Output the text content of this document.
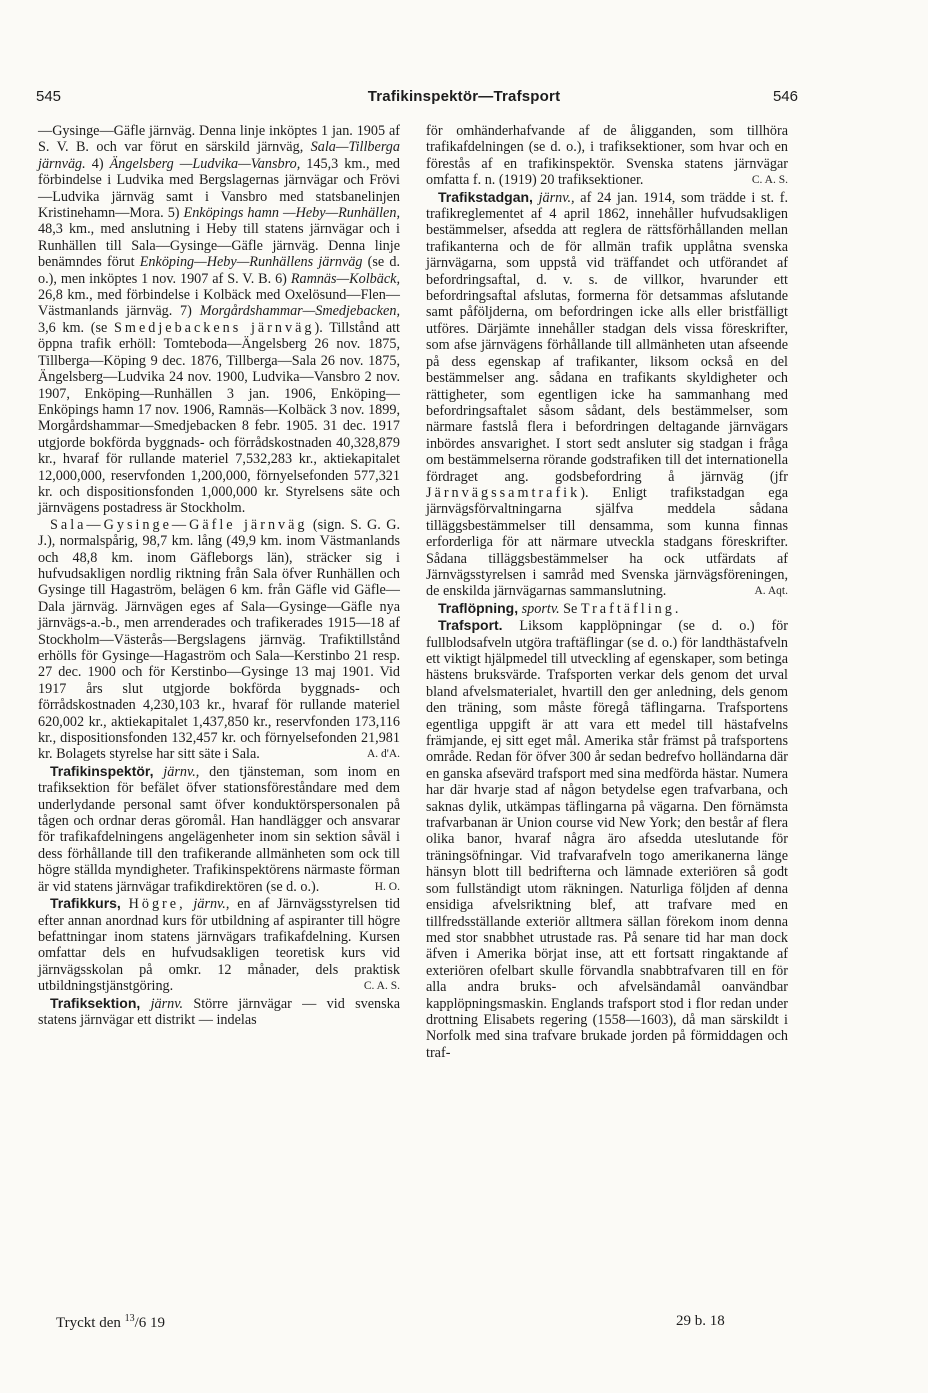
545	Trafikinspektör—Trafsport	546

—Gysinge—Gäfle järnväg. Denna linje inköptes 1 jan. 1905 af S. V. B. och var förut en särskild järnväg, Sala—Tillberga järnväg. 4) Ängelsberg —Ludvika—Vansbro, 145,3 km., med förbindelse i Ludvika med Bergslagernas järnvägar och Frövi —Ludvika järnväg samt i Vansbro med statsbanelinjen Kristinehamn—Mora. 5) Enköpings hamn —Heby—Runhällen, 48,3 km., med anslutning i Heby till statens järnvägar och i Runhällen till Sala—Gysinge—Gäfle järnväg. Denna linje benämndes förut Enköping—Heby—Runhällens järnväg (se d. o.), men inköptes 1 nov. 1907 af S. V. B. 6) Ramnäs—Kolbäck, 26,8 km., med förbindelse i Kolbäck med Oxelösund—Flen—Västmanlands järnväg. 7) Morgårdshammar—Smedjebacken, 3,6 km. (se Smedjebackens järnväg). Tillstånd att öppna trafik erhöll: Tomteboda—Ängelsberg 26 nov. 1875, Tillberga—Köping 9 dec. 1876, Tillberga—Sala 26 nov. 1875, Ängelsberg—Ludvika 24 nov. 1900, Ludvika—Vansbro 2 nov. 1907, Enköping—Runhällen 3 jan. 1906, Enköping—Enköpings hamn 17 nov. 1906, Ramnäs—Kolbäck 3 nov. 1899, Morgårdshammar—Smedjebacken 8 febr. 1905. 31 dec. 1917 utgjorde bokförda byggnads- och förrådskostnaden 40,328,879 kr., hvaraf för rullande materiel 7,532,283 kr., aktiekapitalet 12,000,000, reservfonden 1,200,000, förnyelsefonden 577,321 kr. och dispositionsfonden 1,000,000 kr. Styrelsens säte och järnvägens postadress är Stockholm.

Sala—Gysinge—Gäfle järnväg (sign. S. G. G. J.), normalspårig, 98,7 km. lång (49,9 km. inom Västmanlands och 48,8 km. inom Gäfleborgs län), sträcker sig i hufvudsakligen nordlig riktning från Sala öfver Runhällen och Gysinge till Hagaström, belägen 6 km. från Gäfle vid Gäfle—Dala järnväg. Järnvägen eges af Sala—Gysinge—Gäfle nya järnvägs-a.-b., men arrenderades och trafikerades 1915—18 af Stockholm—Västerås—Bergslagens järnväg. Trafiktillstånd erhölls för Gysinge—Hagaström och Sala—Kerstinbo 21 resp. 27 dec. 1900 och för Kerstinbo—Gysinge 13 maj 1901. Vid 1917 års slut utgjorde bokförda byggnads- och förrådskostnaden 4,230,103 kr., hvaraf för rullande materiel 620,002 kr., aktiekapitalet 1,437,850 kr., reservfonden 173,116 kr., dispositionsfonden 132,457 kr. och förnyelsefonden 21,981 kr. Bolagets styrelse har sitt säte i Sala.	A. d'A.

Trafikinspektör, järnv., den tjänsteman, som inom en trafiksektion för befälet öfver stationsföreståndare med dem underlydande personal samt öfver konduktörspersonalen på tågen och ordnar deras göromål. Han handlägger och ansvarar för trafikafdelningens angelägenheter inom sin sektion såväl i dess förhållande till den trafikerande allmänheten som ock till högre ställda myndigheter. Trafikinspektörens närmaste förman är vid statens järnvägar trafikdirektören (se d. o.).	H. O.

Trafikkurs, Högre, järnv., en af Järnvägsstyrelsen tid efter annan anordnad kurs för utbildning af aspiranter till högre befattningar inom statens järnvägars trafikafdelning. Kursen omfattar dels en hufvudsakligen teoretisk kurs vid järnvägsskolan på omkr. 12 månader, dels praktisk utbildningstjänstgöring.	C. A. S.

Trafiksektion, järnv. Större järnvägar — vid svenska statens järnvägar ett distrikt — indelas

för omhänderhafvande af de åligganden, som tillhöra trafikafdelningen (se d. o.), i trafiksektioner, som hvar och en förestås af en trafikinspektör. Svenska statens järnvägar omfatta f. n. (1919) 20 trafiksektioner.	C. A. S.

Trafikstadgan, järnv., af 24 jan. 1914, som trädde i st. f. trafikreglementet af 4 april 1862, innehåller hufvudsakligen bestämmelser, afsedda att reglera de rättsförhållanden mellan trafikanterna och de för allmän trafik upplåtna svenska järnvägarna, som uppstå vid träffandet och utförandet af befordringsaftal, d. v. s. de villkor, hvarunder ett befordringsaftal afslutas, formerna för detsammas afslutande samt påföljderna, om befordringen icke alls eller bristfälligt utföres. Därjämte innehåller stadgan dels vissa föreskrifter, som afse järnvägens förhållande till allmänheten utan afseende på dess egenskap af trafikanter, liksom också en del bestämmelser ang. sådana en trafikants skyldigheter och rättigheter, som egentligen icke ha sammanhang med befordringsaftalet såsom sådant, dels bestämmelser, som närmare fastslå flera i befordringen deltagande järnvägars inbördes ansvarighet. I stort sedt ansluter sig stadgan i fråga om bestämmelserna rörande godstrafiken till det internationella fördraget ang. godsbefordring å järnväg (jfr Järnvägssamtrafik). Enligt trafikstadgan ega järnvägsförvaltningarna själfva meddela sådana tilläggsbestämmelser till densamma, som kunna finnas erforderliga för att närmare utveckla stadgans föreskrifter. Sådana tilläggsbestämmelser ha ock utfärdats af Järnvägsstyrelsen i samråd med Svenska järnvägsföreningen, de enskilda järnvägarnas sammanslutning.	A. Aqt.

Traflöpning, sportv. Se Traftäfling.

Trafsport. Liksom kapplöpningar (se d. o.) för fullblodsafveln utgöra traftäflingar (se d. o.) för landthästafveln ett viktigt hjälpmedel till utveckling af egenskaper, som betinga hästens bruksvärde. Trafsporten verkar dels genom det urval bland afvelsmaterialet, hvartill den ger anledning, dels genom den träning, som måste föregå täflingarna. Trafsportens egentliga uppgift är att vara ett medel till hästafvelns främjande, ej sitt eget mål. Amerika står främst på trafsportens område. Redan för öfver 300 år sedan bedrefvo holländarna där en ganska afsevärd trafsport med sina medförda hästar. Numera har där hvarje stad af någon betydelse egen trafvarbana, och saknas dylik, utkämpas täflingarna på vägarna. Den förnämsta trafvarbanan är Union course vid New York; den består af flera olika banor, hvaraf några äro afsedda uteslutande för träningsöfningar. Vid trafvarafveln togo amerikanerna länge hänsyn blott till bedrifterna och lämnade exteriören så godt som fullständigt utom räkningen. Naturliga följden af denna ensidiga afvelsriktning blef, att trafvare med en tillfredsställande exteriör alltmera sällan förekom inom denna med stor snabbhet utrustade ras. På senare tid har man dock äfven i Amerika börjat inse, att ett fortsatt ringaktande af exteriören ofelbart skulle förvandla snabbtrafvaren till en för alla andra bruks- och afvelsändamål oanvändbar kapplöpningsmaskin. Englands trafsport stod i flor redan under drottning Elisabets regering (1558—1603), då man särskildt i Norfolk med sina trafvare brukade jorden på förmiddagen och traf-

Tryckt den $^{13}$/6 19	29 b. 18
